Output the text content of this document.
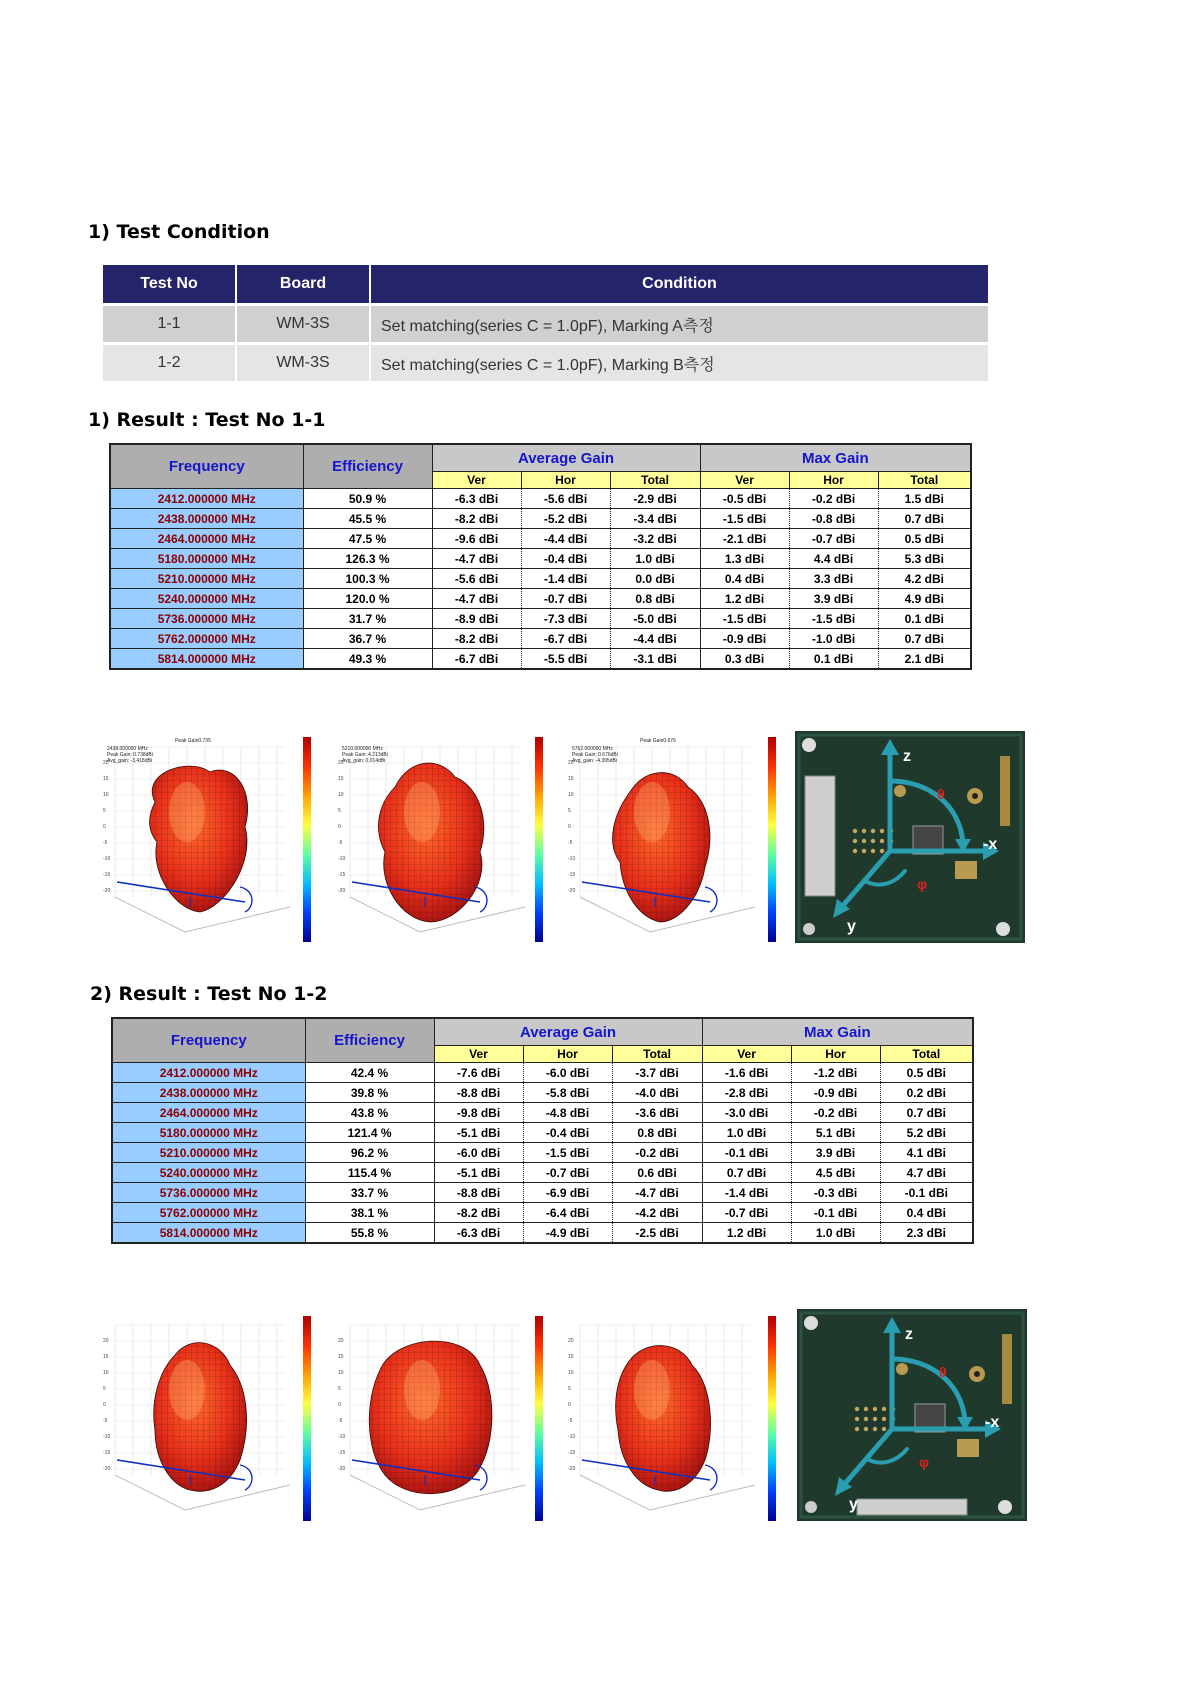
1) Test Condition
Test No	Board	Condition
1-1	WM-3S	Set matching(series C = 1.0pF), Marking A측정
1-2	WM-3S	Set matching(series C = 1.0pF), Marking B측정
1) Result : Test No 1-1
Frequency	Efficiency	Average Gain			Max Gain		
		Ver	Hor	Total	Ver	Hor	Total
2412.000000 MHz	50.9 %	-6.3 dBi	-5.6 dBi	-2.9 dBi	-0.5 dBi	-0.2 dBi	1.5 dBi
2438.000000 MHz	45.5 %	-8.2 dBi	-5.2 dBi	-3.4 dBi	-1.5 dBi	-0.8 dBi	0.7 dBi
2464.000000 MHz	47.5 %	-9.6 dBi	-4.4 dBi	-3.2 dBi	-2.1 dBi	-0.7 dBi	0.5 dBi
5180.000000 MHz	126.3 %	-4.7 dBi	-0.4 dBi	1.0 dBi	1.3 dBi	4.4 dBi	5.3 dBi
5210.000000 MHz	100.3 %	-5.6 dBi	-1.4 dBi	0.0 dBi	0.4 dBi	3.3 dBi	4.2 dBi
5240.000000 MHz	120.0 %	-4.7 dBi	-0.7 dBi	0.8 dBi	1.2 dBi	3.9 dBi	4.9 dBi
5736.000000 MHz	31.7 %	-8.9 dBi	-7.3 dBi	-5.0 dBi	-1.5 dBi	-1.5 dBi	0.1 dBi
5762.000000 MHz	36.7 %	-8.2 dBi	-6.7 dBi	-4.4 dBi	-0.9 dBi	-1.0 dBi	0.7 dBi
5814.000000 MHz	49.3 %	-6.7 dBi	-5.5 dBi	-3.1 dBi	0.3 dBi	0.1 dBi	2.1 dBi
20
15
10
5
0
-5
-10
-15
-20
2438.000000 MHz
Peak Gain: 0.738dBi
Avg_gain: -3.418dBi
Peak Gain0.735
20
15
10
5
0
-5
-10
-15
-20
5210.000000 MHz
Peak Gain: 4.213dBi
Avg_gain: 0.014dBi	20
15
10
5
0
-5
-10
-15
-20
5762.000000 MHz
Peak Gain: 0.676dBi
Avg_gain: -4.395dBi
Peak Gain0.676
z
-x
y
θ
φ
2) Result : Test No 1-2
Frequency	Efficiency	Average Gain			Max Gain		
		Ver	Hor	Total	Ver	Hor	Total
2412.000000 MHz	42.4 %	-7.6 dBi	-6.0 dBi	-3.7 dBi	-1.6 dBi	-1.2 dBi	0.5 dBi
2438.000000 MHz	39.8 %	-8.8 dBi	-5.8 dBi	-4.0 dBi	-2.8 dBi	-0.9 dBi	0.2 dBi
2464.000000 MHz	43.8 %	-9.8 dBi	-4.8 dBi	-3.6 dBi	-3.0 dBi	-0.2 dBi	0.7 dBi
5180.000000 MHz	121.4 %	-5.1 dBi	-0.4 dBi	0.8 dBi	1.0 dBi	5.1 dBi	5.2 dBi
5210.000000 MHz	96.2 %	-6.0 dBi	-1.5 dBi	-0.2 dBi	-0.1 dBi	3.9 dBi	4.1 dBi
5240.000000 MHz	115.4 %	-5.1 dBi	-0.7 dBi	0.6 dBi	0.7 dBi	4.5 dBi	4.7 dBi
5736.000000 MHz	33.7 %	-8.8 dBi	-6.9 dBi	-4.7 dBi	-1.4 dBi	-0.3 dBi	-0.1 dBi
5762.000000 MHz	38.1 %	-8.2 dBi	-6.4 dBi	-4.2 dBi	-0.7 dBi	-0.1 dBi	0.4 dBi
5814.000000 MHz	55.8 %	-6.3 dBi	-4.9 dBi	-2.5 dBi	1.2 dBi	1.0 dBi	2.3 dBi
20
15
10
5
0
-5
-10
-15
-20
20
15
10
5
0
-5
-10
-15
-20
20
15
10
5
0
-5
-10
-15
-20
z
-x
y
θ
φ
